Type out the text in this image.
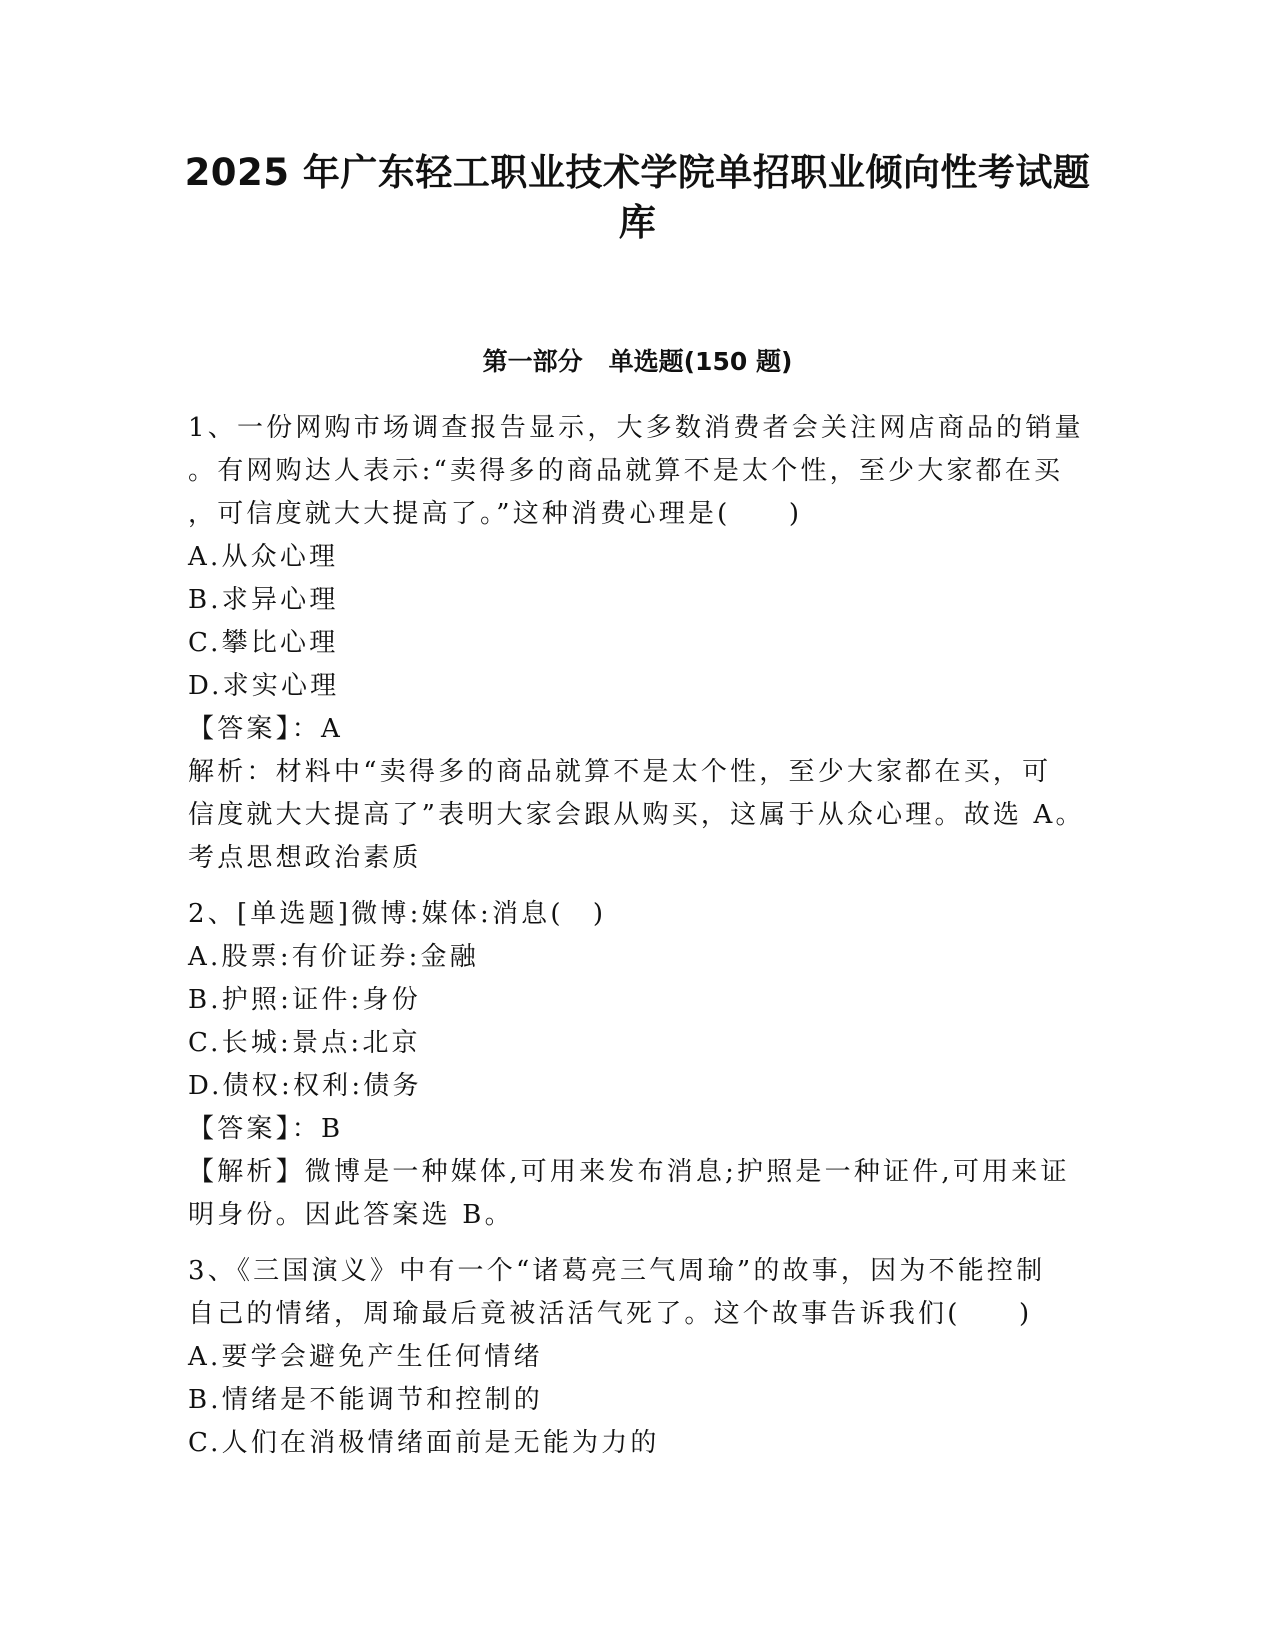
2025 年广东轻工职业技术学院单招职业倾向性考试题
库
第一部分 单选题(150 题)
1、一份网购市场调查报告显示，大多数消费者会关注网店商品的销量
。有网购达人表示:“卖得多的商品就算不是太个性，至少大家都在买
，可信度就大大提高了。”这种消费心理是(　　)
A.从众心理
B.求异心理
C.攀比心理
D.求实心理
【答案】：A
解析：材料中“卖得多的商品就算不是太个性，至少大家都在买，可
信度就大大提高了”表明大家会跟从购买，这属于从众心理。故选 A。
考点思想政治素质
2、[单选题]微博:媒体:消息(　)
A.股票:有价证券:金融
B.护照:证件:身份
C.长城:景点:北京
D.债权:权利:债务
【答案】：B
【解析】微博是一种媒体,可用来发布消息;护照是一种证件,可用来证
明身份。因此答案选 B。
3、《三国演义》中有一个“诸葛亮三气周瑜”的故事，因为不能控制
自己的情绪，周瑜最后竟被活活气死了。这个故事告诉我们(　　)
A.要学会避免产生任何情绪
B.情绪是不能调节和控制的
C.人们在消极情绪面前是无能为力的
